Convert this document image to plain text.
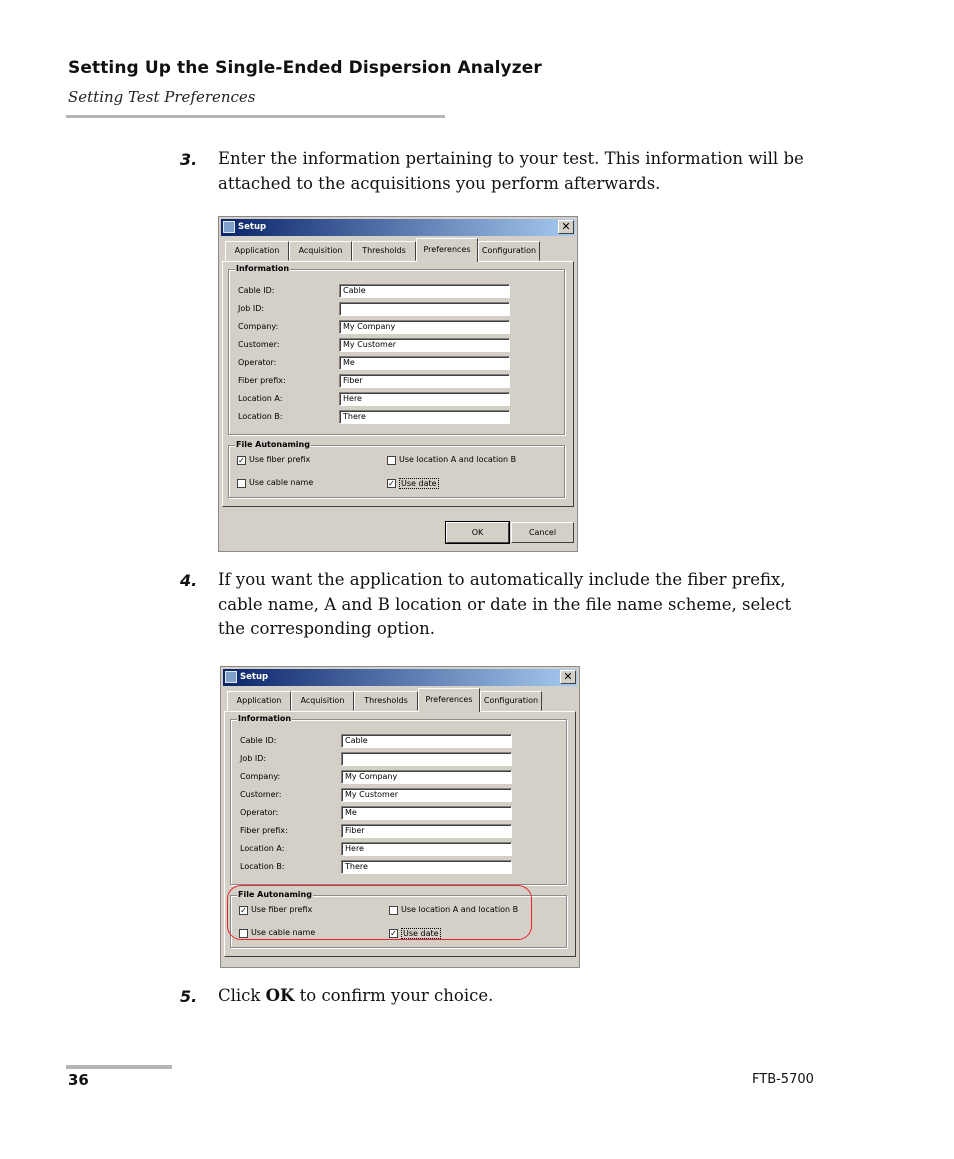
Setting Up the Single-Ended Dispersion Analyzer
Setting Test Preferences
3.	Enter the information pertaining to your test. This information will be
attached to the acquisitions you perform afterwards.
Setup	✕
Application	Acquisition	Thresholds	Preferences	Configuration
Information
Cable ID:	Cable
Job ID:
Company:	My Company
Customer:	My Customer
Operator:	Me
Fiber prefix:	Fiber
Location A:	Here
Location B:	There
File Autonaming
✓ Use fiber prefix	Use location A and location B
Use cable name	✓ Use date
OK	Cancel
4.	If you want the application to automatically include the fiber prefix,
cable name, A and B location or date in the file name scheme, select
the corresponding option.
Setup	✕
Application	Acquisition	Thresholds	Preferences	Configuration
Information
Cable ID:	Cable
Job ID:
Company:	My Company
Customer:	My Customer
Operator:	Me
Fiber prefix:	Fiber
Location A:	Here
Location B:	There
File Autonaming
✓ Use fiber prefix	Use location A and location B
Use cable name	✓ Use date
5.	Click OK to confirm your choice.
36	FTB-5700
